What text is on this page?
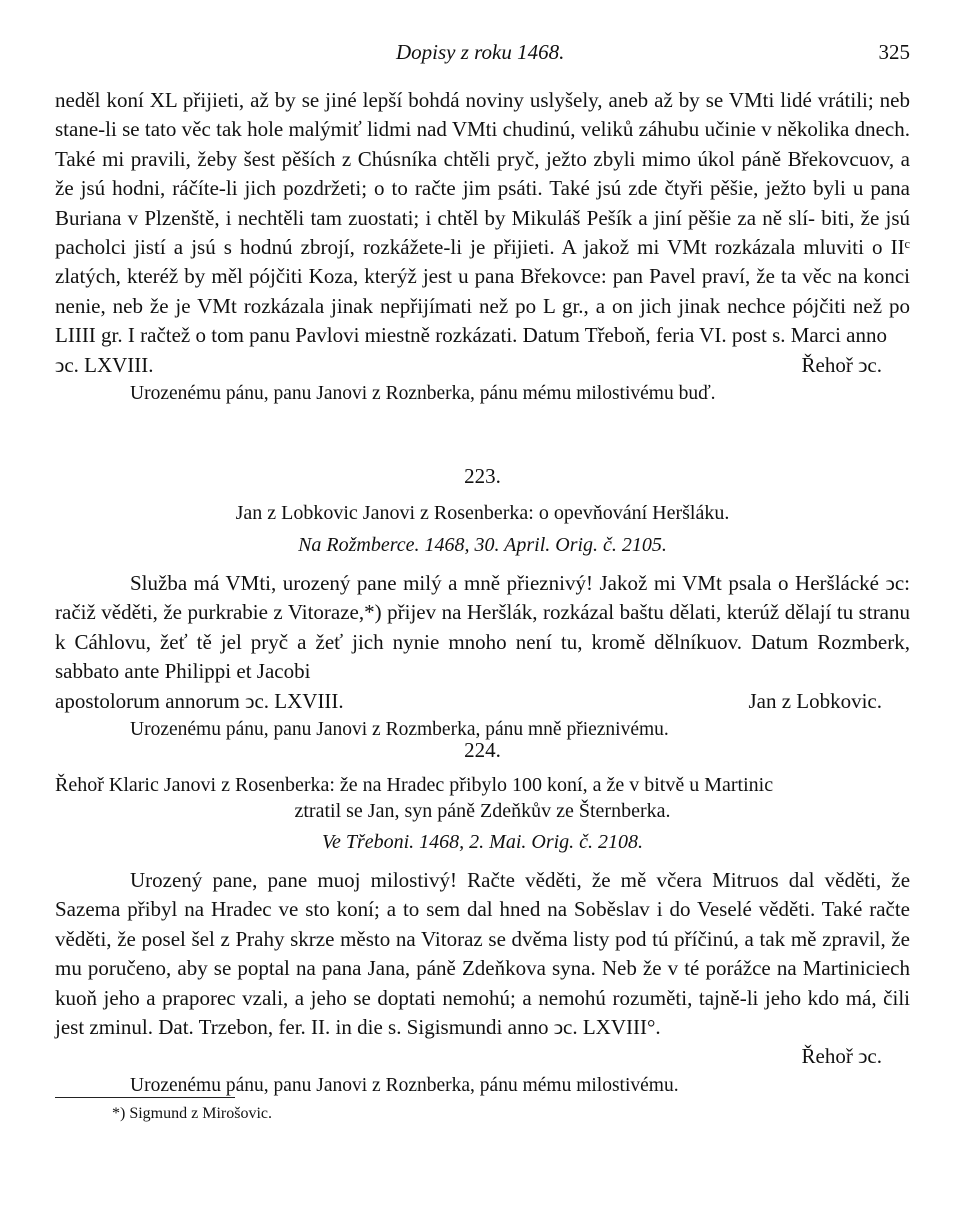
Dopisy z roku 1468.	325

neděl koní XL přijieti, až by se jiné lepší bohdá noviny uslyšely, aneb až by se VMti lidé vrátili; neb stane-li se tato věc tak hole malýmiť lidmi nad VMti chudinú, veliků záhubu učinie v několika dnech. Také mi pravili, žeby šest pěších z Chúsníka chtěli pryč, ježto zbyli mimo úkol páně Břekovcuov, a že jsú hodni, ráčíte-li jich pozdržeti; o to račte jim psáti. Také jsú zde čtyři pěšie, ježto byli u pana Buriana v Plzenště, i nechtěli tam zuostati; i chtěl by Mikuláš Pešík a jiní pěšie za ně slí- biti, že jsú pacholci jistí a jsú s hodnú zbrojí, rozkážete-li je přijieti. A jakož mi VMt rozkázala mluviti o IIᶜ zlatých, kteréž by měl pójčiti Koza, kterýž jest u pana Břekovce: pan Pavel praví, že ta věc na konci nenie, neb že je VMt rozkázala jinak nepřijímati než po L gr., a on jich jinak nechce pójčiti než po LIIII gr. I račtež o tom panu Pavlovi miestně rozkázati. Datum Třeboň, feria VI. post s. Marci anno

ↄc. LXVIII.	Řehoř ↄc.

Urozenému pánu, panu Janovi z Roznberka, pánu mému milostivému buď.

223.

Jan z Lobkovic Janovi z Rosenberka: o opevňování Heršláku.

Na Rožmberce. 1468, 30. April. Orig. č. 2105.

Služba má VMti, urozený pane milý a mně přieznivý! Jakož mi VMt psala o Heršlácké ↄc: račiž věděti, že purkrabie z Vitoraze,*) přijev na Heršlák, rozkázal baštu dělati, kterúž dělají tu stranu k Cáhlovu, žeť tě jel pryč a žeť jich nynie mnoho není tu, kromě dělníkuov. Datum Rozmberk, sabbato ante Philippi et Jacobi

apostolorum annorum ↄc. LXVIII.	Jan z Lobkovic.

Urozenému pánu, panu Janovi z Rozmberka, pánu mně přieznivému.

224.

Řehoř Klaric Janovi z Rosenberka: že na Hradec přibylo 100 koní, a že v bitvě u Martinic
ztratil se Jan, syn páně Zdeňkův ze Šternberka.

Ve Třeboni. 1468, 2. Mai. Orig. č. 2108.

Urozený pane, pane muoj milostivý! Račte věděti, že mě včera Mitruos dal věděti, že Sazema přibyl na Hradec ve sto koní; a to sem dal hned na Soběslav i do Veselé věděti. Také račte věděti, že posel šel z Prahy skrze město na Vitoraz se dvěma listy pod tú příčinú, a tak mě zpravil, že mu poručeno, aby se poptal na pana Jana, páně Zdeňkova syna. Neb že v té porážce na Martiniciech kuoň jeho a praporec vzali, a jeho se doptati nemohú; a nemohú rozuměti, tajně-li jeho kdo má, čili jest zminul. Dat. Trzebon, fer. II. in die s. Sigismundi anno ↄc. LXVIII°.

Řehoř ↄc.

Urozenému pánu, panu Janovi z Roznberka, pánu mému milostivému.

*) Sigmund z Mirošovic.
